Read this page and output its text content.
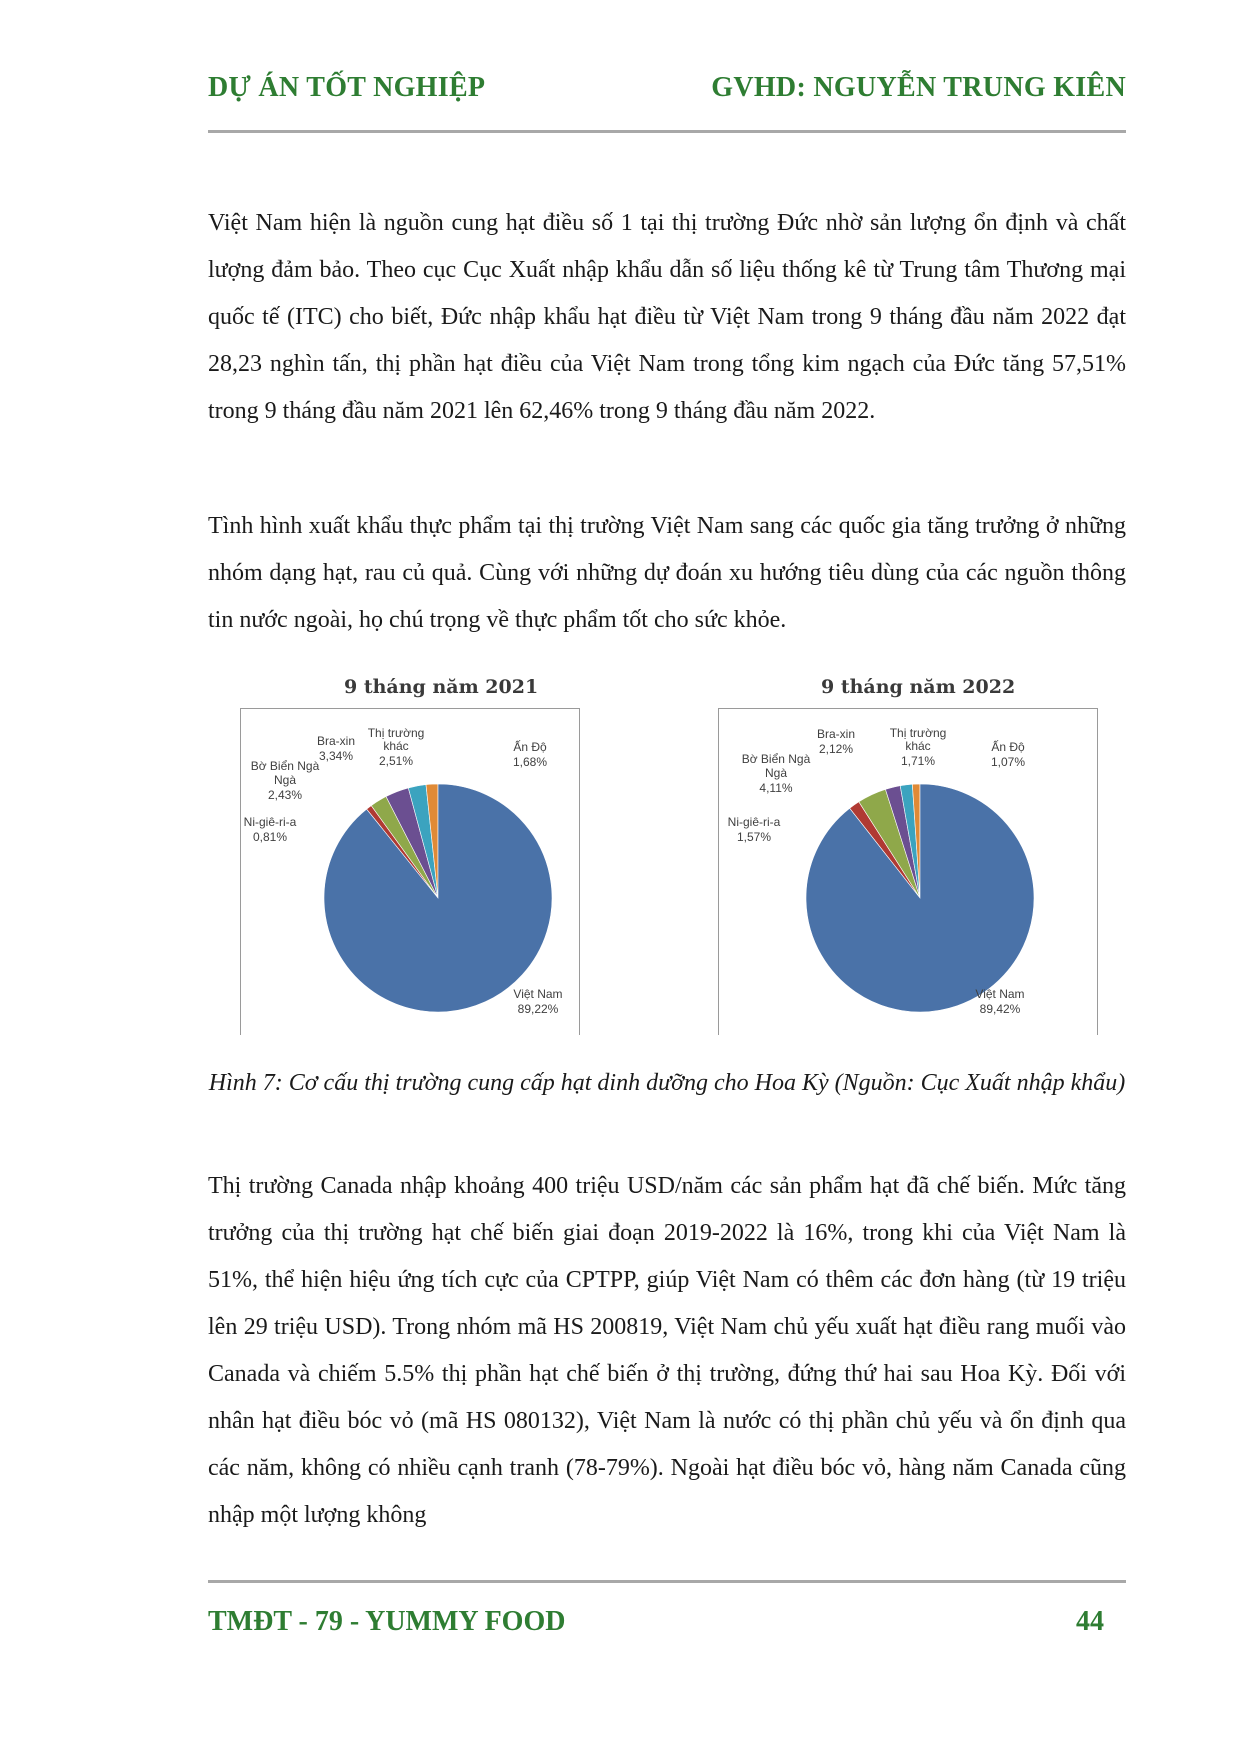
DỰ ÁN TỐT NGHIỆP	GVHD: NGUYỄN TRUNG KIÊN

Việt Nam hiện là nguồn cung hạt điều số 1 tại thị trường Đức nhờ sản lượng ổn định và chất lượng đảm bảo. Theo cục Cục Xuất nhập khẩu dẫn số liệu thống kê từ Trung tâm Thương mại quốc tế (ITC) cho biết, Đức nhập khẩu hạt điều từ Việt Nam trong 9 tháng đầu năm 2022 đạt 28,23 nghìn tấn, thị phần hạt điều của Việt Nam trong tổng kim ngạch của Đức tăng 57,51% trong 9 tháng đầu năm 2021 lên 62,46% trong 9 tháng đầu năm 2022.

Tình hình xuất khẩu thực phẩm tại thị trường Việt Nam sang các quốc gia tăng trưởng ở những nhóm dạng hạt, rau củ quả. Cùng với những dự đoán xu hướng tiêu dùng của các nguồn thông tin nước ngoài, họ chú trọng về thực phẩm tốt cho sức khỏe.

9 tháng năm 2021
Việt Nam
89,22%
Ni-giê-ri-a
0,81%
Bờ Biển Ngà
Ngà
2,43%
Bra-xin
3,34%
Thị trường
khác
2,51%
Ấn Độ
1,68%
9 tháng năm 2022
Việt Nam
89,42%
Ni-giê-ri-a
1,57%
Bờ Biển Ngà
Ngà
4,11%
Bra-xin
2,12%
Thị trường
khác
1,71%
Ấn Độ
1,07%

Hình 7: Cơ cấu thị trường cung cấp hạt dinh dưỡng cho Hoa Kỳ (Nguồn: Cục Xuất nhập khẩu)

Thị trường Canada nhập khoảng 400 triệu USD/năm các sản phẩm hạt đã chế biến. Mức tăng trưởng của thị trường hạt chế biến giai đoạn 2019-2022 là 16%, trong khi của Việt Nam là 51%, thể hiện hiệu ứng tích cực của CPTPP, giúp Việt Nam có thêm các đơn hàng (từ 19 triệu lên 29 triệu USD). Trong nhóm mã HS 200819, Việt Nam chủ yếu xuất hạt điều rang muối vào Canada và chiếm 5.5% thị phần hạt chế biến ở thị trường, đứng thứ hai sau Hoa Kỳ. Đối với nhân hạt điều bóc vỏ (mã HS 080132), Việt Nam là nước có thị phần chủ yếu và ổn định qua các năm, không có nhiều cạnh tranh (78-79%). Ngoài hạt điều bóc vỏ, hàng năm Canada cũng nhập một lượng không

TMĐT - 79 - YUMMY FOOD	44
